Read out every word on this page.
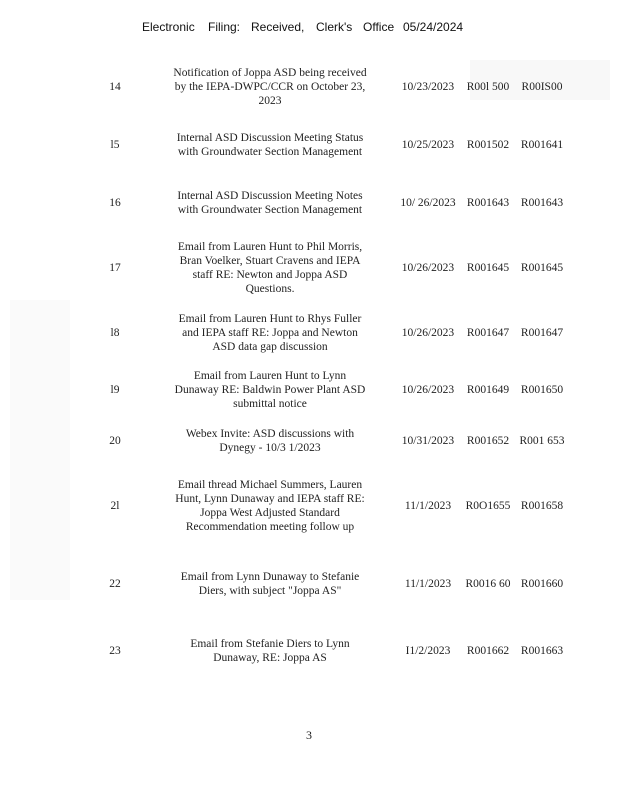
Electronic Filing: Received, Clerk's Office 05/24/2024
14
Notification of Joppa ASD being received by the IEPA-DWPC/CCR on October 23, 2023
10/23/2023	R00l 500	R00IS00
l5
Internal ASD Discussion Meeting Status with Groundwater Section Management
10/25/2023	R001502	R001641
16
Internal ASD Discussion Meeting Notes with Groundwater Section Management
10/ 26/2023 R001643	R001643
17
Email from Lauren Hunt to Phil Morris, Bran Voelker, Stuart Cravens and IEPA staff RE: Newton and Joppa ASD Questions.
10/26/2023	R001645	R001645
l8
Email from Lauren Hunt to Rhys Fuller and IEPA staff RE: Joppa and Newton ASD data gap discussion
10/26/2023	R001647	R001647
l9
Email from Lauren Hunt to Lynn Dunaway RE: Baldwin Power Plant ASD submittal notice
10/26/2023	R001649	R001650
20
Webex Invite: ASD discussions with Dynegy - 10/3 1/2023
10/31/2023	R001652 R001 653
2l
Email thread Michael Summers, Lauren Hunt, Lynn Dunaway and IEPA staff RE: Joppa West Adjusted Standard Recommendation meeting follow up
11/1/2023	R0O1655 R001658
22
Email from Lynn Dunaway to Stefanie Diers, with subject "Joppa AS"
11/1/2023	R0016 60 R001660
23
Email from Stefanie Diers to Lynn Dunaway, RE: Joppa AS
I1/2/2023	R001662	R001663
3
